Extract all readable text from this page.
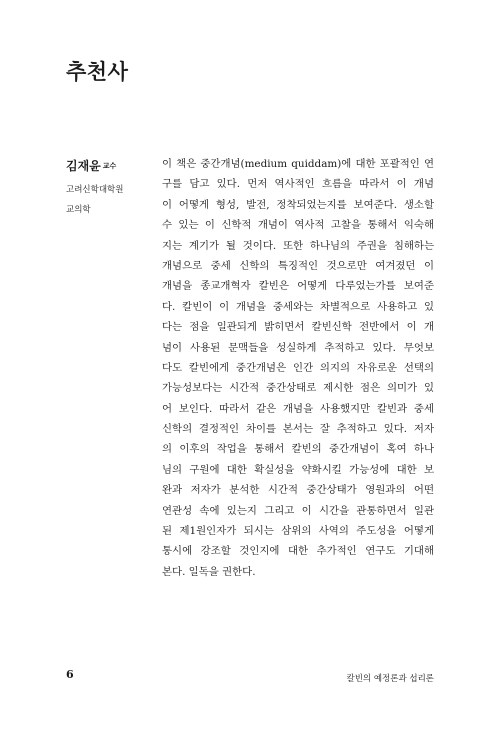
추천사
김재윤 교수
고려신학대학원
교의학
이 책은 중간개념(medium quiddam)에 대한 포괄적인 연
구를 담고 있다. 먼저 역사적인 흐름을 따라서 이 개념
이 어떻게 형성, 발전, 정착되었는지를 보여준다. 생소할
수 있는 이 신학적 개념이 역사적 고찰을 통해서 익숙해
지는 계기가 될 것이다. 또한 하나님의 주권을 침해하는
개념으로 중세 신학의 특징적인 것으로만 여겨졌던 이
개념을 종교개혁자 칼빈은 어떻게 다루었는가를 보여준
다. 칼빈이 이 개념을 중세와는 차별적으로 사용하고 있
다는 점을 일관되게 밝히면서 칼빈신학 전반에서 이 개
념이 사용된 문맥들을 성실하게 추적하고 있다. 무엇보
다도 칼빈에게 중간개념은 인간 의지의 자유로운 선택의
가능성보다는 시간적 중간상태로 제시한 점은 의미가 있
어 보인다. 따라서 같은 개념을 사용했지만 칼빈과 중세
신학의 결정적인 차이를 본서는 잘 추적하고 있다. 저자
의 이후의 작업을 통해서 칼빈의 중간개념이 혹여 하나
님의 구원에 대한 확실성을 약화시킬 가능성에 대한 보
완과 저자가 분석한 시간적 중간상태가 영원과의 어떤
연관성 속에 있는지 그리고 이 시간을 관통하면서 일관
된 제1원인자가 되시는 삼위의 사역의 주도성을 어떻게
통시에 강조할 것인지에 대한 추가적인 연구도 기대해
본다. 일독을 권한다.
6	칼빈의 예정론과 섭리론
